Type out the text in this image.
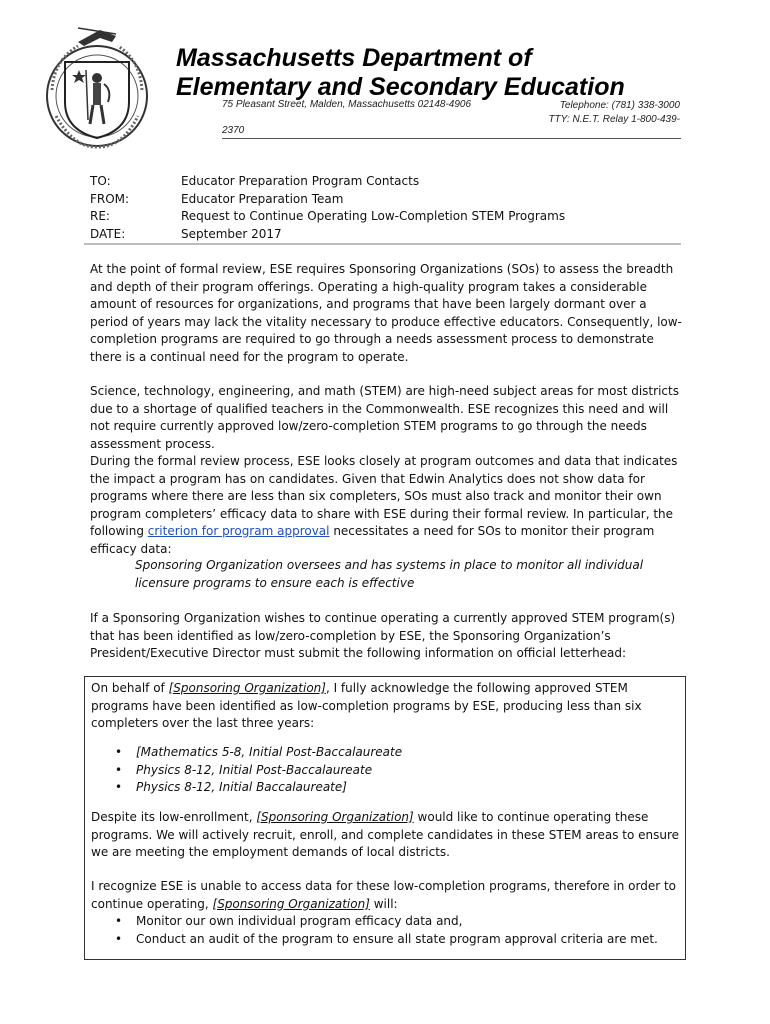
Massachusetts Department of
Elementary and Secondary Education
75 Pleasant Street, Malden, Massachusetts 02148-4906	Telephone: (781) 338-3000
TTY: N.E.T. Relay 1-800-439-
2370
TO:	Educator Preparation Program Contacts
FROM:	Educator Preparation Team
RE:	Request to Continue Operating Low-Completion STEM Programs
DATE:	September 2017

At the point of formal review, ESE requires Sponsoring Organizations (SOs) to assess the breadth and depth of their program offerings. Operating a high-quality program takes a considerable amount of resources for organizations, and programs that have been largely dormant over a period of years may lack the vitality necessary to produce effective educators. Consequently, low-completion programs are required to go through a needs assessment process to demonstrate there is a continual need for the program to operate.

Science, technology, engineering, and math (STEM) are high-need subject areas for most districts due to a shortage of qualified teachers in the Commonwealth. ESE recognizes this need and will not require currently approved low/zero-completion STEM programs to go through the needs assessment process.

During the formal review process, ESE looks closely at program outcomes and data that indicates the impact a program has on candidates. Given that Edwin Analytics does not show data for programs where there are less than six completers, SOs must also track and monitor their own program completers’ efficacy data to share with ESE during their formal review. In particular, the following criterion for program approval necessitates a need for SOs to monitor their program efficacy data:

Sponsoring Organization oversees and has systems in place to monitor all individual licensure programs to ensure each is effective

If a Sponsoring Organization wishes to continue operating a currently approved STEM program(s) that has been identified as low/zero-completion by ESE, the Sponsoring Organization’s President/Executive Director must submit the following information on official letterhead:

On behalf of [Sponsoring Organization], I fully acknowledge the following approved STEM programs have been identified as low-completion programs by ESE, producing less than six completers over the last three years:

• [Mathematics 5-8, Initial Post-Baccalaureate
• Physics 8-12, Initial Post-Baccalaureate
• Physics 8-12, Initial Baccalaureate]

Despite its low-enrollment, [Sponsoring Organization] would like to continue operating these programs. We will actively recruit, enroll, and complete candidates in these STEM areas to ensure we are meeting the employment demands of local districts.

I recognize ESE is unable to access data for these low-completion programs, therefore in order to continue operating, [Sponsoring Organization] will:

• Monitor our own individual program efficacy data and,
• Conduct an audit of the program to ensure all state program approval criteria are met.
